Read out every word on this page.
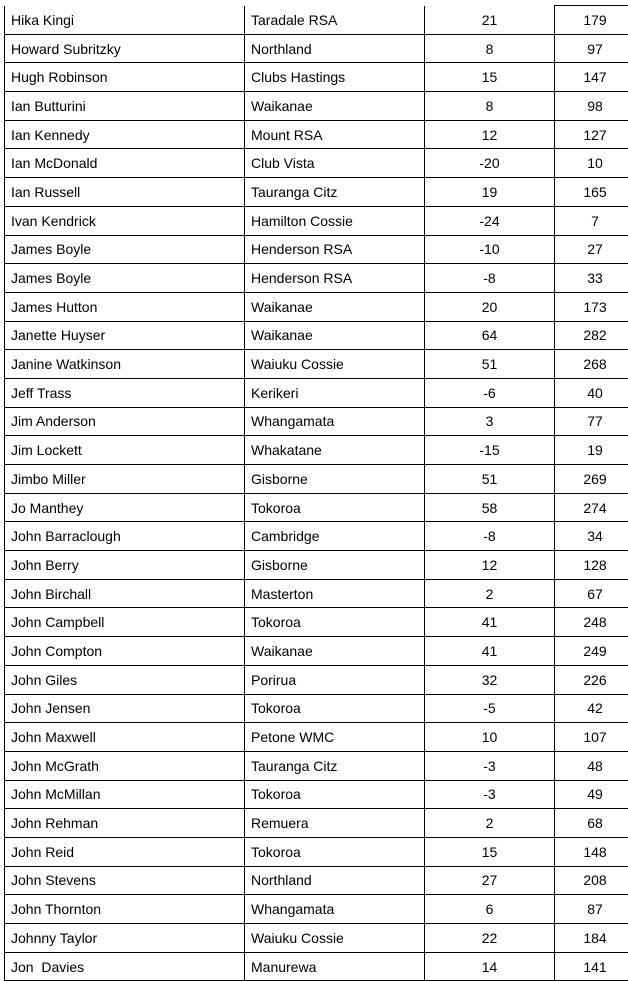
Hika Kingi	Taradale RSA	21	179
Howard Subritzky	Northland	8	97
Hugh Robinson	Clubs Hastings	15	147
Ian Butturini	Waikanae	8	98
Ian Kennedy	Mount RSA	12	127
Ian McDonald	Club Vista	-20	10
Ian Russell	Tauranga Citz	19	165
Ivan Kendrick	Hamilton Cossie	-24	7
James Boyle	Henderson RSA	-10	27
James Boyle	Henderson RSA	-8	33
James Hutton	Waikanae	20	173
Janette Huyser	Waikanae	64	282
Janine Watkinson	Waiuku Cossie	51	268
Jeff Trass	Kerikeri	-6	40
Jim Anderson	Whangamata	3	77
Jim Lockett	Whakatane	-15	19
Jimbo Miller	Gisborne	51	269
Jo Manthey	Tokoroa	58	274
John Barraclough	Cambridge	-8	34
John Berry	Gisborne	12	128
John Birchall	Masterton	2	67
John Campbell	Tokoroa	41	248
John Compton	Waikanae	41	249
John Giles	Porirua	32	226
John Jensen	Tokoroa	-5	42
John Maxwell	Petone WMC	10	107
John McGrath	Tauranga Citz	-3	48
John McMillan	Tokoroa	-3	49
John Rehman	Remuera	2	68
John Reid	Tokoroa	15	148
John Stevens	Northland	27	208
John Thornton	Whangamata	6	87
Johnny Taylor	Waiuku Cossie	22	184
Jon  Davies	Manurewa	14	141
